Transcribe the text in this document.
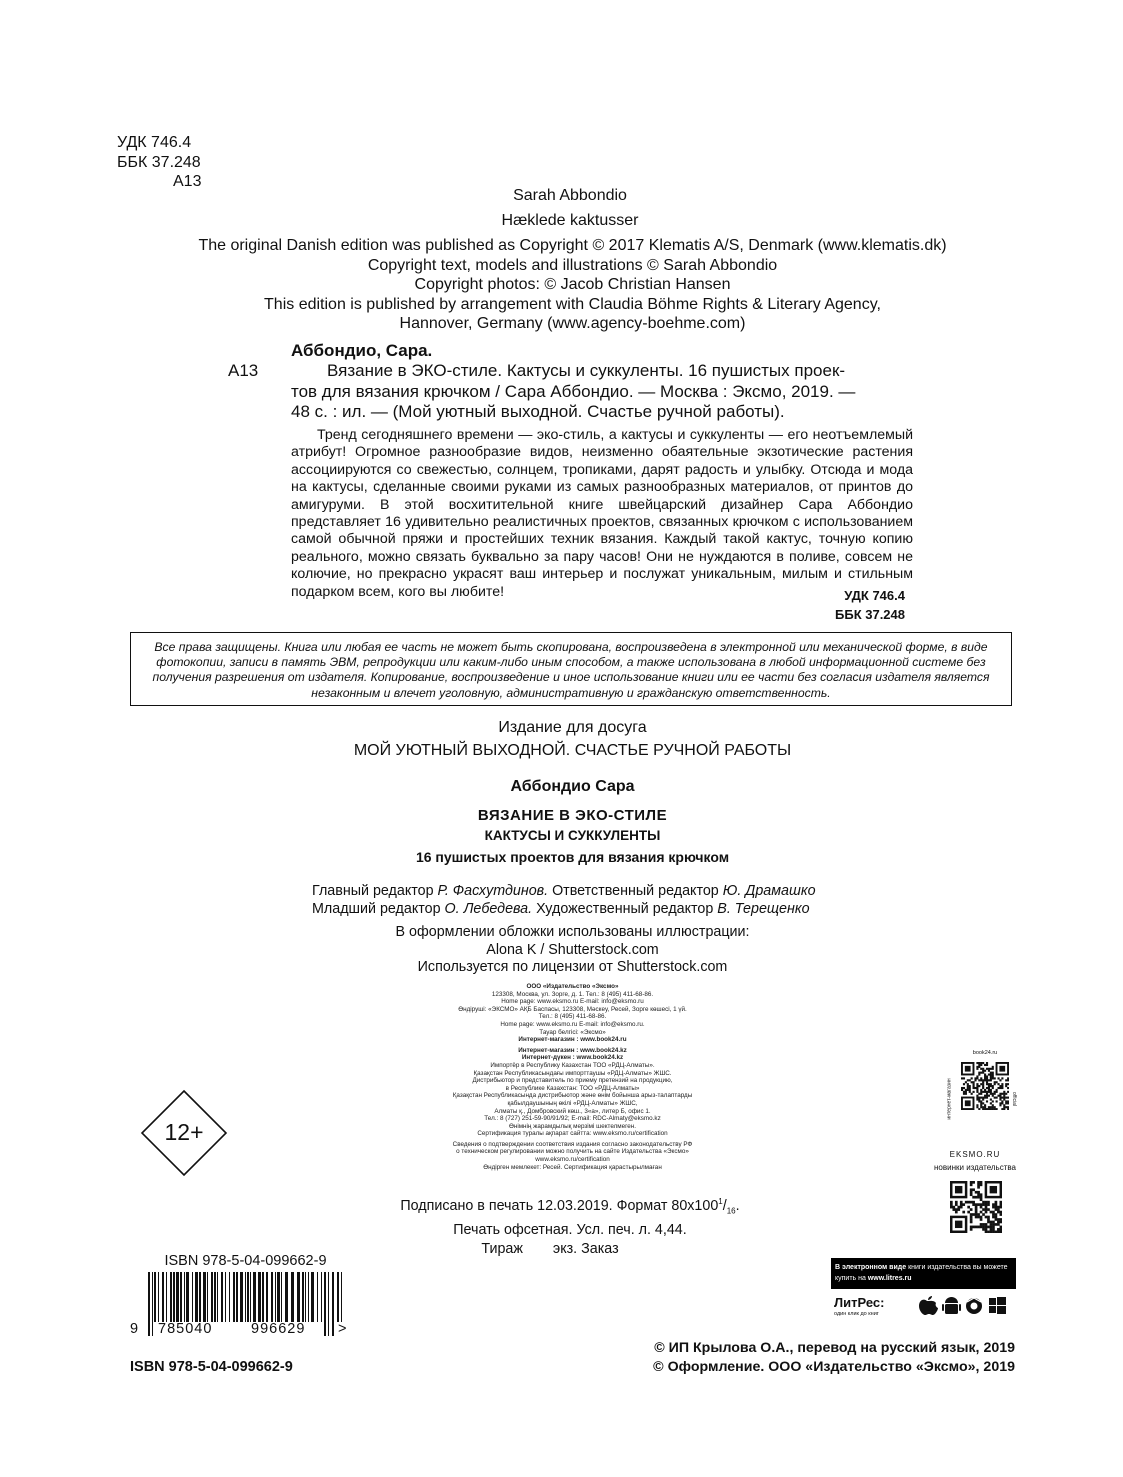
УДК 746.4
ББК 37.248
А13
Sarah Abbondio
Hæklede kaktusser
The original Danish edition was published as Copyright © 2017 Klematis A/S, Denmark (www.klematis.dk)
Copyright text, models and illustrations © Sarah Abbondio
Copyright photos: © Jacob Christian Hansen
This edition is published by arrangement with Claudia Böhme Rights & Literary Agency,
Hannover, Germany (www.agency-boehme.com)
Аббондио, Сара.
А13	Вязание в ЭКО-стиле. Кактусы и суккуленты. 16 пушистых проек-
тов для вязания крючком / Сара Аббондио. — Москва : Эксмо, 2019. —
48 с. : ил. — (Мой уютный выходной. Счастье ручной работы).

Тренд сегодняшнего времени — эко-стиль, а кактусы и суккуленты — его неотъемлемый атрибут! Огромное разнообразие видов, неизменно обаятельные экзотические растения ассоциируются со свежестью, солнцем, тропиками, дарят радость и улыбку. Отсюда и мода на кактусы, сделанные своими руками из самых разнообразных материалов, от принтов до амигуруми. В этой восхитительной книге швейцарский дизайнер Сара Аббондио представляет 16 удивительно реалистичных проектов, связанных крючком с использованием самой обычной пряжи и простейших техник вязания. Каждый такой кактус, точную копию реального, можно связать буквально за пару часов! Они не нуждаются в поливе, совсем не колючие, но прекрасно украсят ваш интерьер и послужат уникальным, милым и стильным подарком всем, кого вы любите!	УДК 746.4
ББК 37.248
Все права защищены. Книга или любая ее часть не может быть скопирована, воспроизведена в электронной или механической форме, в виде фотокопии, записи в память ЭВМ, репродукции или каким-либо иным способом, а также использована в любой информационной системе без получения разрешения от издателя. Копирование, воспроизведение и иное использование книги или ее части без согласия издателя является незаконным и влечет уголовную, административную и гражданскую ответственность.
Издание для досуга
МОЙ УЮТНЫЙ ВЫХОДНОЙ. СЧАСТЬЕ РУЧНОЙ РАБОТЫ
Аббондио Сара
ВЯЗАНИЕ В ЭКО-СТИЛЕ
КАКТУСЫ И СУККУЛЕНТЫ
16 пушистых проектов для вязания крючком
Главный редактор Р. Фасхутдинов. Ответственный редактор Ю. Драмашко
Младший редактор О. Лебедева. Художественный редактор В. Терещенко
В оформлении обложки использованы иллюстрации:
Alona K / Shutterstock.com
Используется по лицензии от Shutterstock.com
ООО «Издательство «Эксмо»
123308, Москва, ул. Зорге, д. 1. Тел.: 8 (495) 411-68-86.
Home page: www.eksmo.ru E-mail: info@eksmo.ru
Өндіруші: «ЭКСМО» АҚБ Баспасы, 123308, Мәскеу, Ресей, Зорге көшесі, 1 үй.
Тел.: 8 (495) 411-68-86.
Home page: www.eksmo.ru E-mail: info@eksmo.ru.
Тауар белгісі: «Эксмо»
Интернет-магазин : www.book24.ru
Интернет-магазин : www.book24.kz
Интернет-дүкен : www.book24.kz
Импортёр в Республику Казахстан ТОО «РДЦ-Алматы».
Қазақстан Республикасындағы импорттаушы «РДЦ-Алматы» ЖШС.
Дистрибьютор и представитель по приему претензий на продукцию,
в Республике Казахстан: ТОО «РДЦ-Алматы»
Қазақстан Республикасында дистрибьютор және өнім бойынша арыз-талаптарды
қабылдаушының өкілі «РДЦ-Алматы» ЖШС,
Алматы қ., Домбровский көш., 3«а», литер Б, офис 1.
Тел.: 8 (727) 251-59-90/91/92; E-mail: RDC-Almaty@eksmo.kz
Өнімнің жарамдылық мерзімі шектелмеген.
Сертификация туралы ақпарат сайтта: www.eksmo.ru/certification
Сведения о подтверждении соответствия издания согласно законодательству РФ
о техническом регулировании можно получить на сайте Издательства «Эксмо»
www.eksmo.ru/certification
Өндірген мемлекет: Ресей. Сертификация қарастырылмаған
12+
Подписано в печать 12.03.2019. Формат $80x100^1/_{16}$.
Печать офсетная. Усл. печ. л. 4,44.
Тираж экз. Заказ
ISBN 978-5-04-099662-9
9 785040	996629 >
ISBN 978-5-04-099662-9
book24.ru
интернет-магазин	official
EKSMO.RU
новинки издательства
В электронном виде книги издательства вы можете
купить на www.litres.ru
ЛитРес:
один клик до книг
© ИП Крылова О.А., перевод на русский язык, 2019
© Оформление. ООО «Издательство «Эксмо», 2019
